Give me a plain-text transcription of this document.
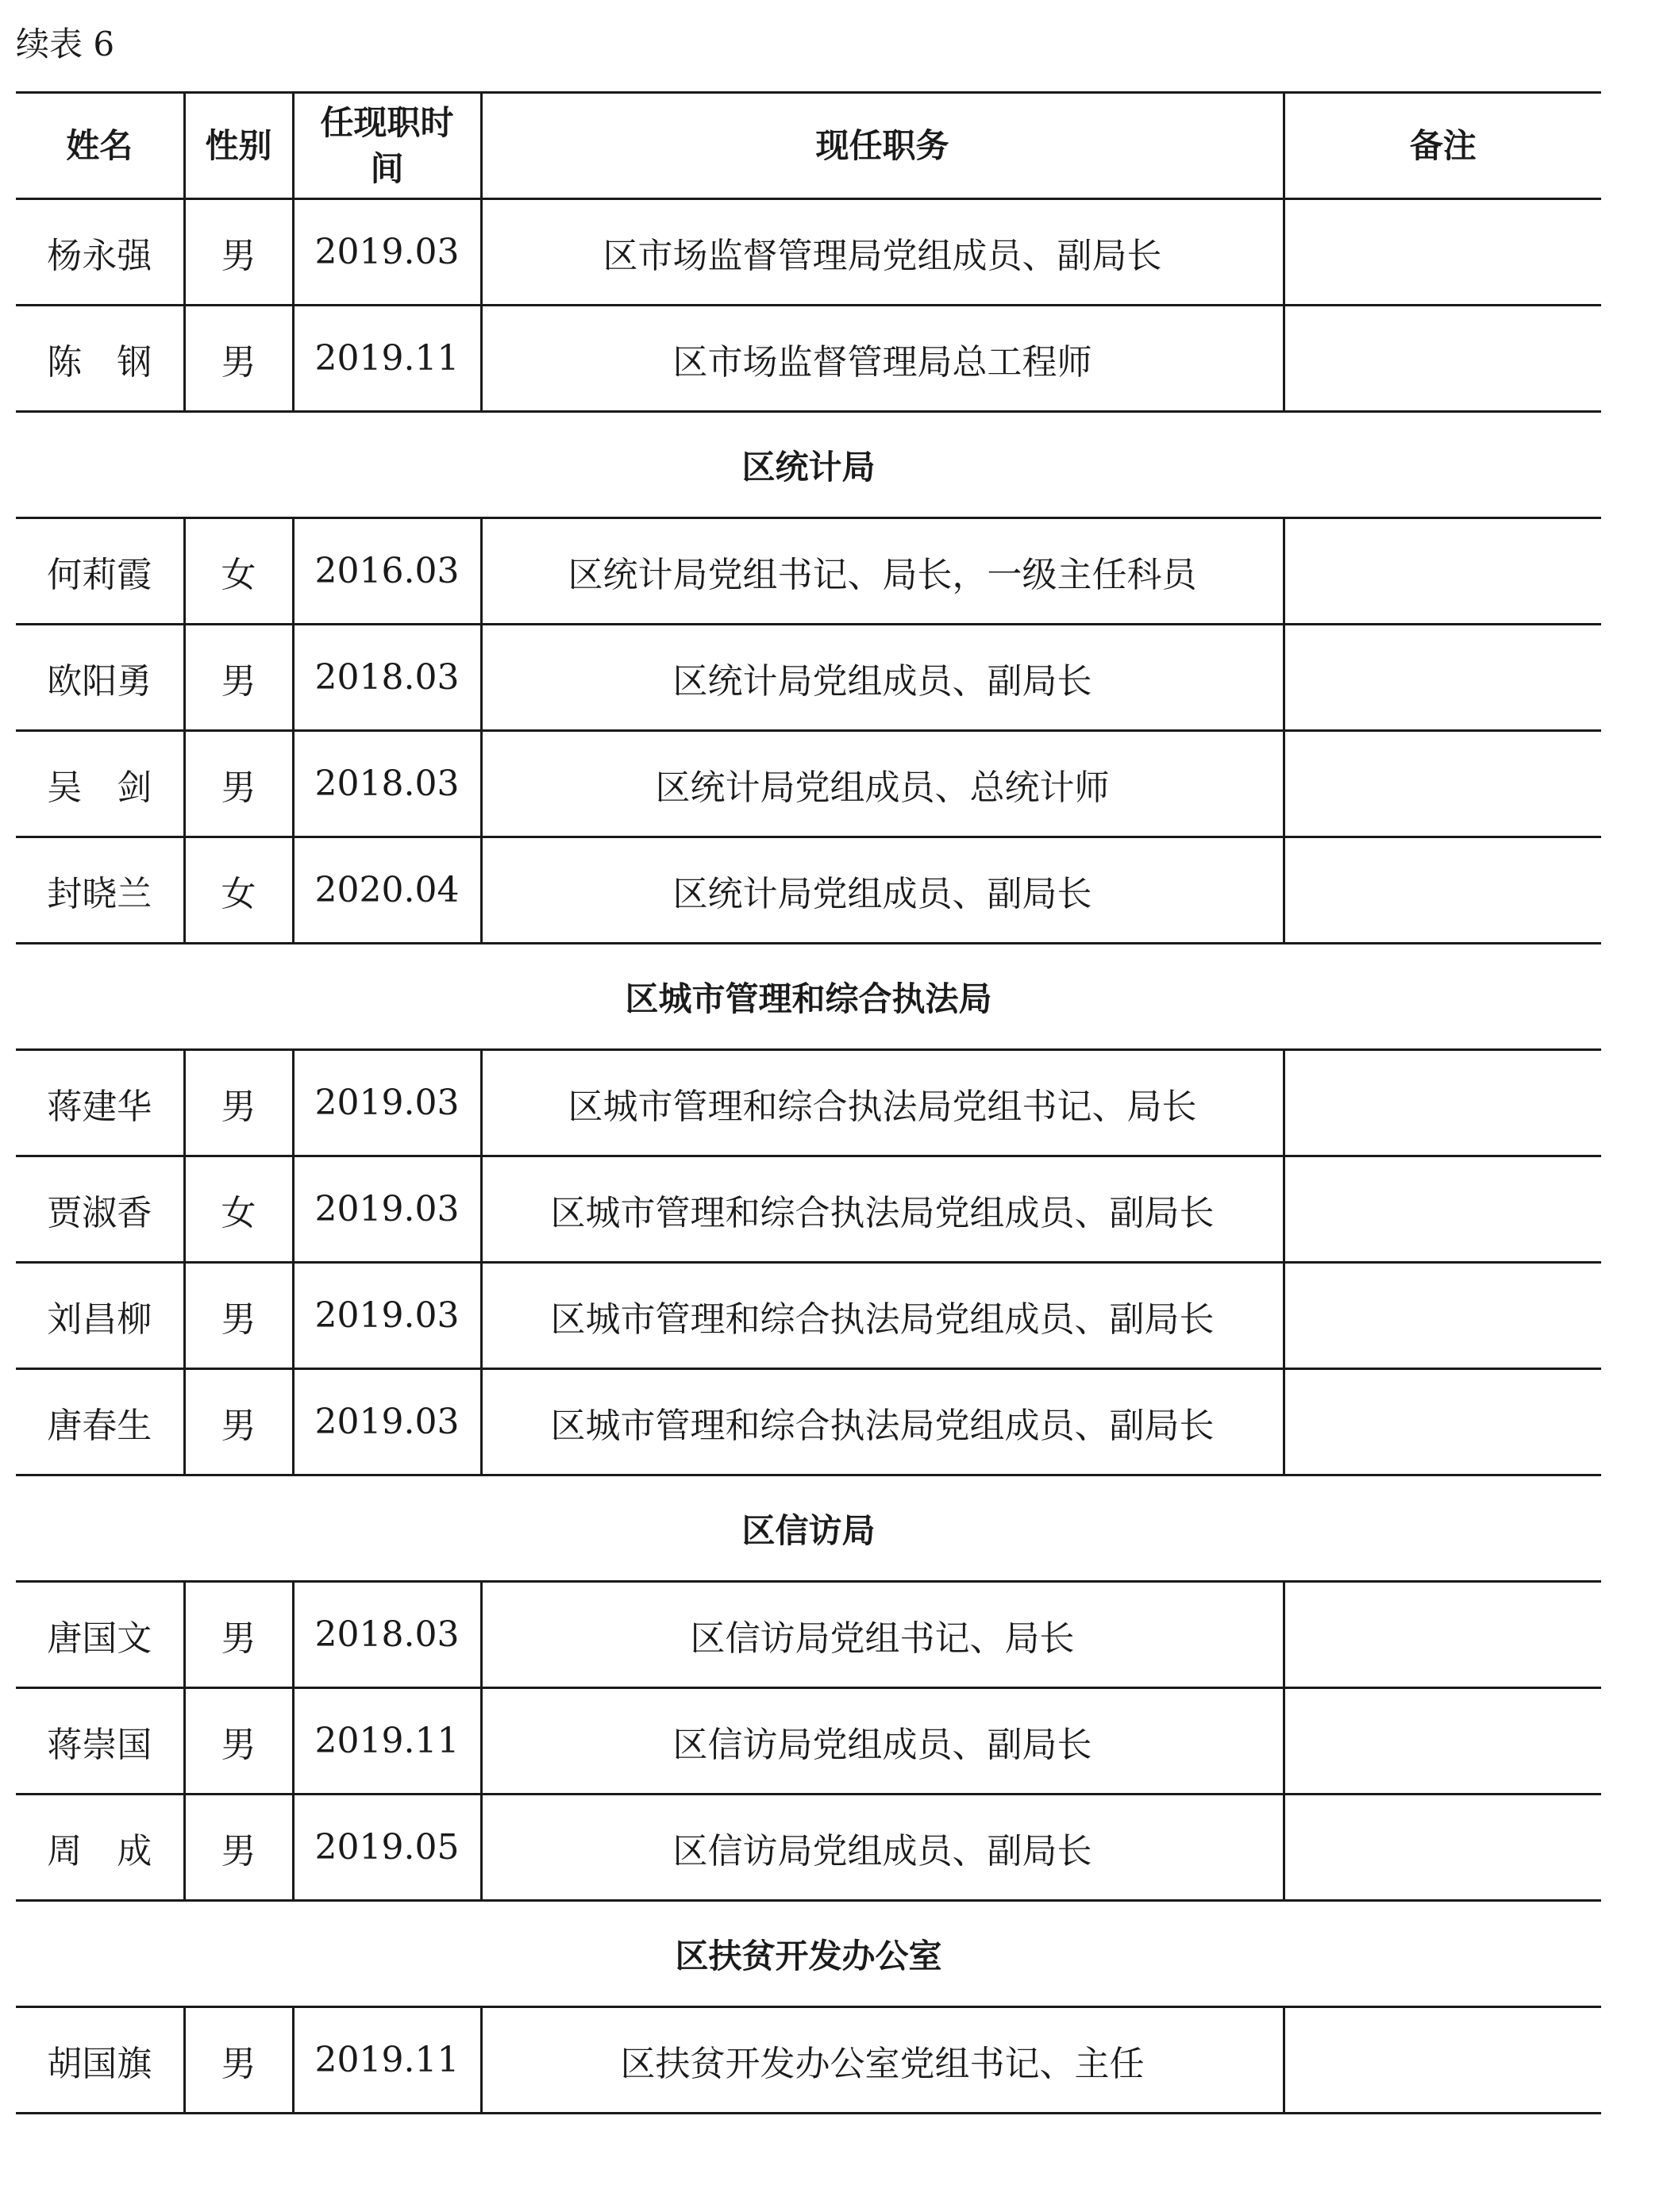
续表 6
姓名	性别	任现职时间	现任职务	备注
杨永强	男	2019.03	区市场监督管理局党组成员、副局长	
陈　钢	男	2019.11	区市场监督管理局总工程师	
区统计局				
何莉霞	女	2016.03	区统计局党组书记、局长，一级主任科员	
欧阳勇	男	2018.03	区统计局党组成员、副局长	
吴　剑	男	2018.03	区统计局党组成员、总统计师	
封晓兰	女	2020.04	区统计局党组成员、副局长	
区城市管理和综合执法局				
蒋建华	男	2019.03	区城市管理和综合执法局党组书记、局长	
贾淑香	女	2019.03	区城市管理和综合执法局党组成员、副局长	
刘昌柳	男	2019.03	区城市管理和综合执法局党组成员、副局长	
唐春生	男	2019.03	区城市管理和综合执法局党组成员、副局长	
区信访局				
唐国文	男	2018.03	区信访局党组书记、局长	
蒋崇国	男	2019.11	区信访局党组成员、副局长	
周　成	男	2019.05	区信访局党组成员、副局长	
区扶贫开发办公室				
胡国旗	男	2019.11	区扶贫开发办公室党组书记、主任	
